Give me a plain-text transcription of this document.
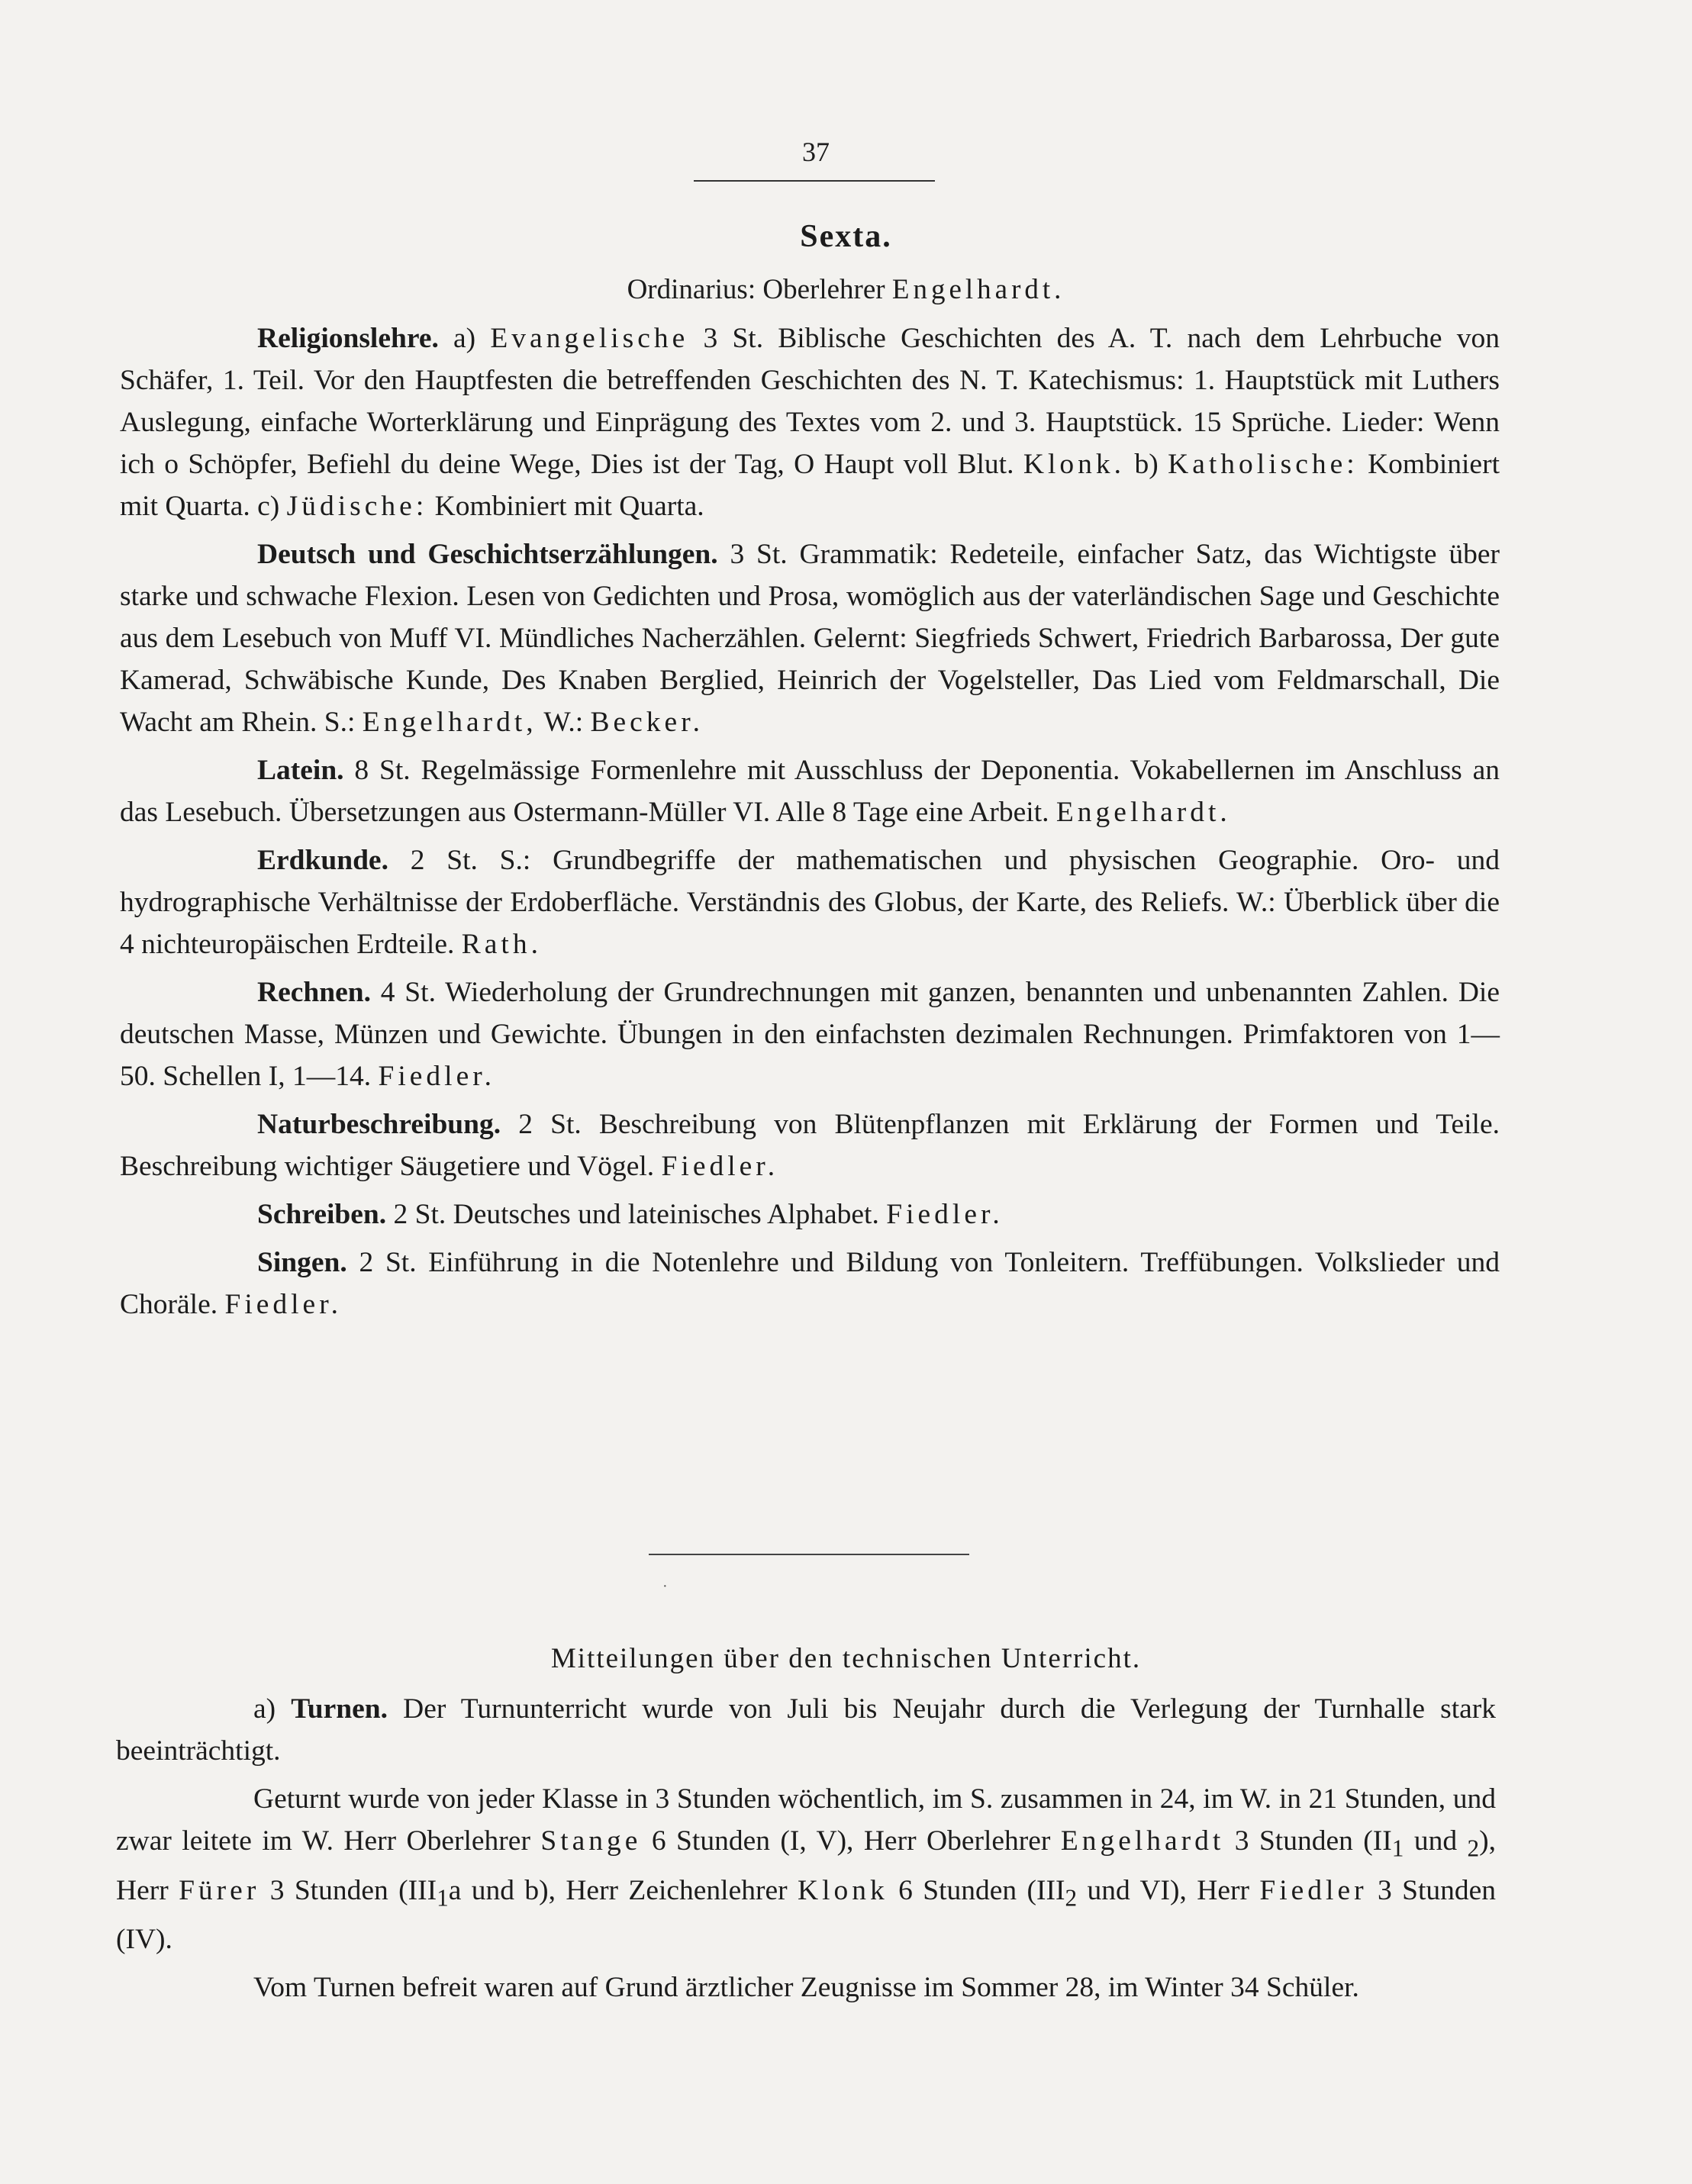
37
Sexta.
Ordinarius: Oberlehrer Engelhardt.

Religionslehre. a) Evangelische 3 St. Biblische Geschichten des A. T. nach dem Lehrbuche von Schäfer, 1. Teil. Vor den Hauptfesten die betreffenden Geschichten des N. T. Katechismus: 1. Hauptstück mit Luthers Auslegung, einfache Worterklärung und Einprägung des Textes vom 2. und 3. Hauptstück. 15 Sprüche. Lieder: Wenn ich o Schöpfer, Befiehl du deine Wege, Dies ist der Tag, O Haupt voll Blut. Klonk. b) Katholische: Kombiniert mit Quarta. c) Jüdische: Kombiniert mit Quarta.

Deutsch und Geschichtserzählungen. 3 St. Grammatik: Redeteile, einfacher Satz, das Wichtigste über starke und schwache Flexion. Lesen von Gedichten und Prosa, womöglich aus der vaterländischen Sage und Geschichte aus dem Lesebuch von Muff VI. Mündliches Nacherzählen. Gelernt: Siegfrieds Schwert, Friedrich Barbarossa, Der gute Kamerad, Schwäbische Kunde, Des Knaben Berglied, Heinrich der Vogelsteller, Das Lied vom Feldmarschall, Die Wacht am Rhein. S.: Engelhardt, W.: Becker.

Latein. 8 St. Regelmässige Formenlehre mit Ausschluss der Deponentia. Vokabellernen im Anschluss an das Lesebuch. Übersetzungen aus Ostermann-Müller VI. Alle 8 Tage eine Arbeit. Engelhardt.

Erdkunde. 2 St. S.: Grundbegriffe der mathematischen und physischen Geographie. Oro- und hydrographische Verhältnisse der Erdoberfläche. Verständnis des Globus, der Karte, des Reliefs. W.: Überblick über die 4 nichteuropäischen Erdteile. Rath.

Rechnen. 4 St. Wiederholung der Grundrechnungen mit ganzen, benannten und unbenannten Zahlen. Die deutschen Masse, Münzen und Gewichte. Übungen in den einfachsten dezimalen Rechnungen. Primfaktoren von 1—50. Schellen I, 1—14. Fiedler.

Naturbeschreibung. 2 St. Beschreibung von Blütenpflanzen mit Erklärung der Formen und Teile. Beschreibung wichtiger Säugetiere und Vögel. Fiedler.

Schreiben. 2 St. Deutsches und lateinisches Alphabet. Fiedler.

Singen. 2 St. Einführung in die Notenlehre und Bildung von Tonleitern. Treffübungen. Volkslieder und Choräle. Fiedler.

·
Mitteilungen über den technischen Unterricht.

a) Turnen. Der Turnunterricht wurde von Juli bis Neujahr durch die Verlegung der Turnhalle stark beeinträchtigt.

Geturnt wurde von jeder Klasse in 3 Stunden wöchentlich, im S. zusammen in 24, im W. in 21 Stunden, und zwar leitete im W. Herr Oberlehrer Stange 6 Stunden (I, V), Herr Oberlehrer Engelhardt 3 Stunden ($II_1$ und $_2$), Herr Fürer 3 Stunden ($III_1a$ und b), Herr Zeichenlehrer Klonk 6 Stunden ($III_2$ und VI), Herr Fiedler 3 Stunden (IV).

Vom Turnen befreit waren auf Grund ärztlicher Zeugnisse im Sommer 28, im Winter 34 Schüler.
